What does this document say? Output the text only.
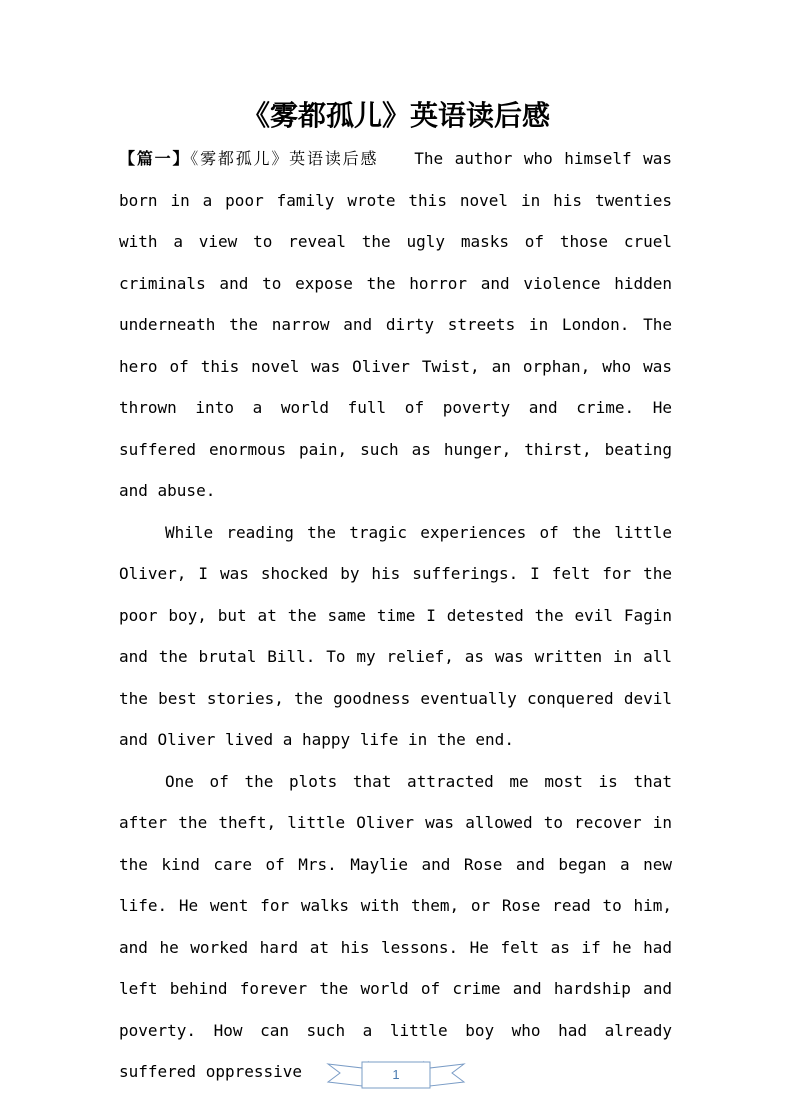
《雾都孤儿》英语读后感

【篇一】《雾都孤儿》英语读后感 The author who himself was born in a poor family wrote this novel in his twenties with a view to reveal the ugly masks of those cruel criminals and to expose the horror and violence hidden underneath the narrow and dirty streets in London. The hero of this novel was Oliver Twist, an orphan, who was thrown into a world full of poverty and crime. He suffered enormous pain, such as hunger, thirst, beating and abuse.

While reading the tragic experiences of the little Oliver, I was shocked by his sufferings. I felt for the poor boy, but at the same time I detested the evil Fagin and the brutal Bill. To my relief, as was written in all the best stories, the goodness eventually conquered devil and Oliver lived a happy life in the end.

One of the plots that attracted me most is that after the theft, little Oliver was allowed to recover in the kind care of Mrs. Maylie and Rose and began a new life. He went for walks with them, or Rose read to him, and he worked hard at his lessons. He felt as if he had left behind forever the world of crime and hardship and poverty. How can such a little boy who had already suffered oppressive	1
